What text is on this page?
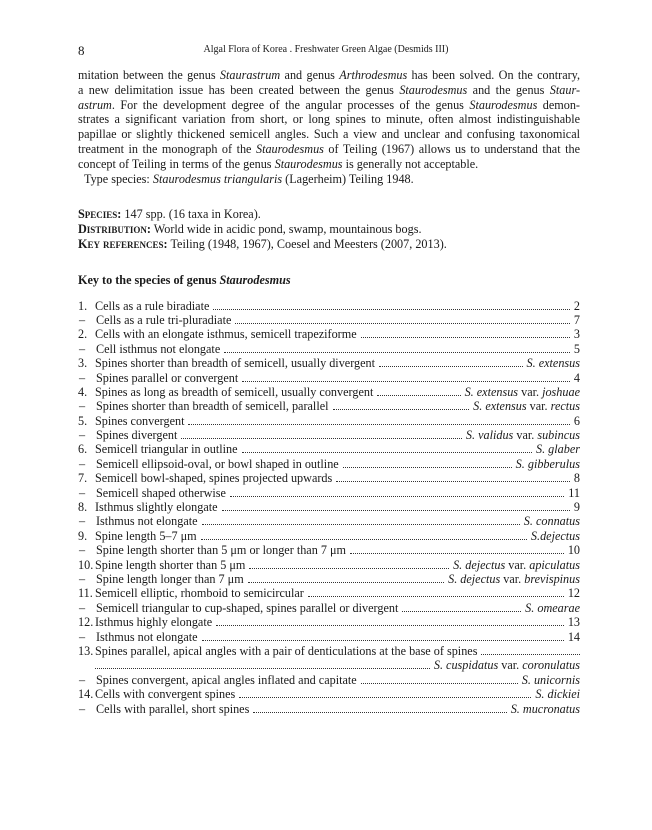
8	Algal Flora of Korea . Freshwater Green Algae (Desmids III)

mitation between the genus Staurastrum and genus Arthrodesmus has been solved. On the contrary,

a new delimitation issue has been created between the genus Staurodesmus and the genus Staur-

astrum. For the development degree of the angular processes of the genus Staurodesmus demon-

strates a significant variation from short, or long spines to minute, often almost indistinguishable

papillae or slightly thickened semicell angles. Such a view and unclear and confusing taxonomical

treatment in the monograph of the Staurodesmus of Teiling (1967) allows us to understand that the

concept of Teiling in terms of the genus Staurodesmus is generally not acceptable.

Type species: Staurodesmus triangularis (Lagerheim) Teiling 1948.

Species: 147 spp. (16 taxa in Korea).

Distribution: World wide in acidic pond, swamp, mountainous bogs.

Key references: Teiling (1948, 1967), Coesel and Meesters (2007, 2013).

Key to the species of genus Staurodesmus
1. Cells as a rule biradiate	2
– Cells as a rule tri-pluradiate	7
2. Cells with an elongate isthmus, semicell trapeziforme	3
– Cell isthmus not elongate	5
3. Spines shorter than breadth of semicell, usually divergent	S. extensus
– Spines parallel or convergent	4
4. Spines as long as breadth of semicell, usually convergent	S. extensus var. joshuae
– Spines shorter than breadth of semicell, parallel	S. extensus var. rectus
5. Spines convergent	6
– Spines divergent	S. validus var. subincus
6. Semicell triangular in outline	S. glaber
– Semicell ellipsoid-oval, or bowl shaped in outline	S. gibberulus
7. Semicell bowl-shaped, spines projected upwards	8
– Semicell shaped otherwise	11
8. Isthmus slightly elongate	9
– Isthmus not elongate	S. connatus
9. Spine length 5–7 μm	S.dejectus
– Spine length shorter than 5 μm or longer than 7 μm	10
10. Spine length shorter than 5 μm	S. dejectus var. apiculatus
– Spine length longer than 7 μm	S. dejectus var. brevispinus
11. Semicell elliptic, rhomboid to semicircular	12
– Semicell triangular to cup-shaped, spines parallel or divergent	S. omearae
12. Isthmus highly elongate	13
– Isthmus not elongate	14
13. Spines parallel, apical angles with a pair of denticulations at the base of spines
S. cuspidatus var. coronulatus
– Spines convergent, apical angles inflated and capitate	S. unicornis
14. Cells with convergent spines	S. dickiei
– Cells with parallel, short spines	S. mucronatus
